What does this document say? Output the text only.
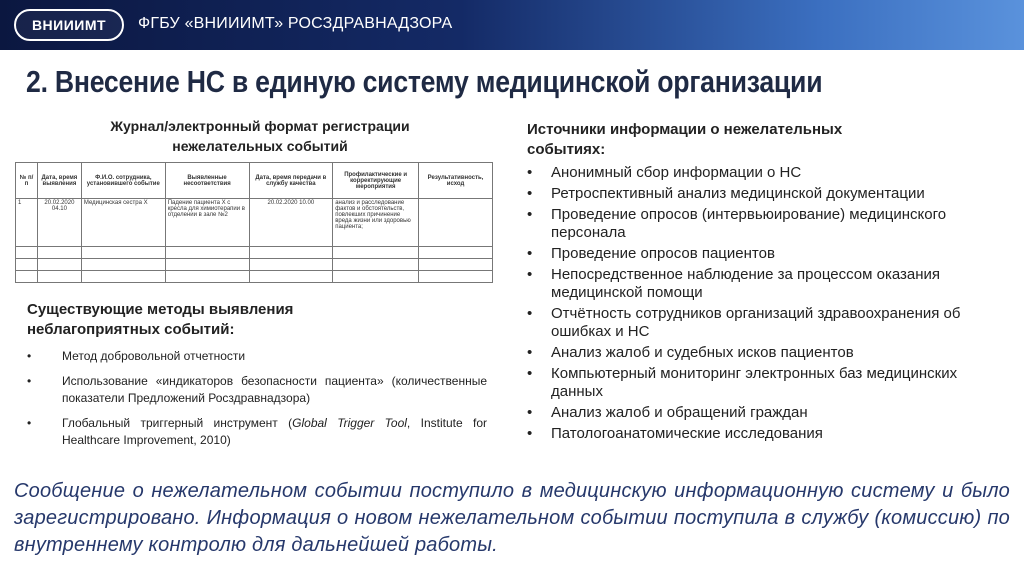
ВНИИИМТ	ФГБУ «ВНИИИМТ» РОСЗДРАВНАДЗОРА
2. Внесение НС в единую систему медицинской организации
Журнал/электронный формат регистрации
нежелательных событий
№ п/п	Дата, время выявления	Ф.И.О. сотрудника, установившего событие	Выявленные несоответствия	Дата, время передачи в службу качества	Профилактические и корректирующие мероприятия	Результативность, исход
1	20.02.2020 04.10	Медицинская сестра Х	Падение пациента Х с кресла для химиотерапии в отделении в зале №2	20.02.2020 10.00	анализ и расследование фактов и обстоятельств, повлекших причинение вреда жизни или здоровью пациента;	

Существующие методы выявления
неблагоприятных событий:
• Метод добровольной отчетности
• Использование «индикаторов безопасности пациента» (количественные показатели Предложений Росздравнадзора)
• Глобальный триггерный инструмент (Global Trigger Tool, Institute for Healthcare Improvement, 2010)
Источники информации о нежелательных
событиях:
• Анонимный сбор информации о НС
• Ретроспективный анализ медицинской документации
• Проведение опросов (интервьюирование) медицинского персонала
• Проведение опросов пациентов
• Непосредственное наблюдение за процессом оказания медицинской помощи
• Отчётность сотрудников организаций здравоохранения об ошибках и НС
• Анализ жалоб и судебных исков пациентов
• Компьютерный мониторинг электронных баз медицинских данных
• Анализ жалоб и обращений граждан
• Патологоанатомические исследования
Сообщение о нежелательном событии поступило в медицинскую информационную систему и было зарегистрировано. Информация о новом нежелательном событии поступила в службу (комиссию) по внутреннему контролю для дальнейшей работы.
